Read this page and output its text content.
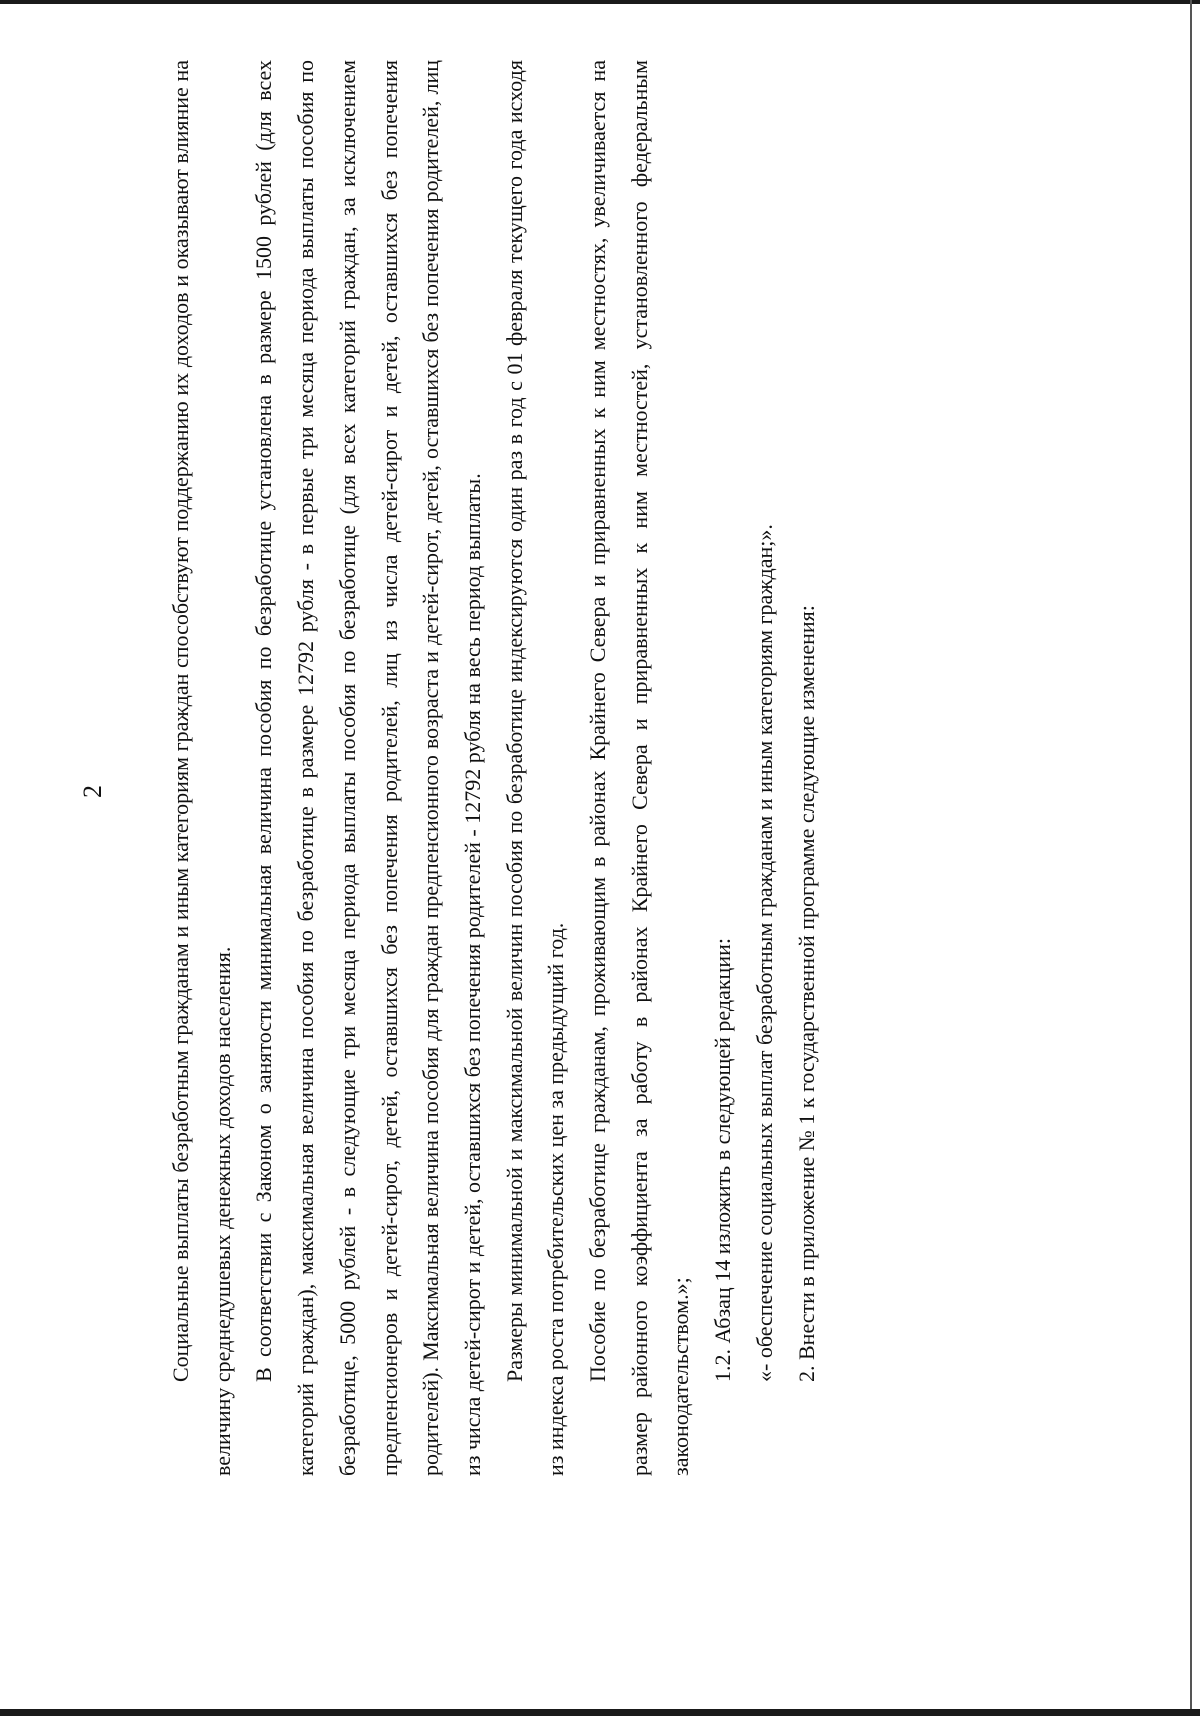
2	Социальные выплаты безработным гражданам и иным категориям граждан способствуют поддержанию их доходов и оказывают влияние на величину среднедушевых денежных доходов населения. В соответствии с Законом о занятости минимальная величина пособия по безработице установлена в размере 1500 рублей (для всех категорий граждан), максимальная величина пособия по безработице в размере 12792 рубля - в первые три месяца периода выплаты пособия по безработице, 5000 рублей - в следующие три месяца периода выплаты пособия по безработице (для всех категорий граждан, за исключением предпенсионеров и детей-сирот, детей, оставшихся без попечения родителей, лиц из числа детей-сирот и детей, оставшихся без попечения родителей). Максимальная величина пособия для граждан предпенсионного возраста и детей-сирот, детей, оставшихся без попечения родителей, лиц из числа детей-сирот и детей, оставшихся без попечения родителей - 12792 рубля на весь период выплаты. Размеры минимальной и максимальной величин пособия по безработице индексируются один раз в год с 01 февраля текущего года исходя из индекса роста потребительских цен за предыдущий год. Пособие по безработице гражданам, проживающим в районах Крайнего Севера и приравненных к ним местностях, увеличивается на размер районного коэффициента за работу в районах Крайнего Севера и приравненных к ним местностей, установленного федеральным законодательством.»; 1.2. Абзац 14 изложить в следующей редакции: «- обеспечение социальных выплат безработным гражданам и иным категориям граждан;». 2. Внести в приложение № 1 к государственной программе следующие изменения:
